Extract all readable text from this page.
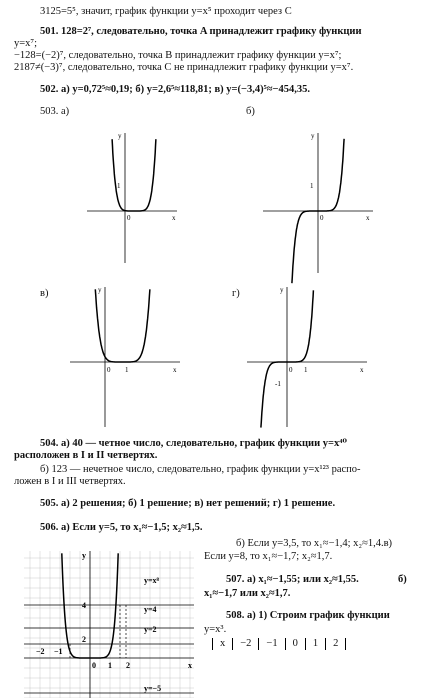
3125=5⁵, значит, график функции y=x⁵ проходит через C
501. 128=2⁷, следовательно, точка A принадлежит графику функции
y=x⁷;
−128=(−2)⁷, следовательно, точка B принадлежит графику функции y=x⁷;
2187≠(−3)⁷, следовательно, точка C не принадлежит графику функции y=x⁷.
502. а) y=0,72⁵≈0,19; б) y=2,6⁵≈118,81; в) y=(−3,4)⁵≈−454,35.
503. а)	б)
y
x
0
1
y
x
0
1
в)	г)
y
x
0 1
y
x
0 1
-1
504. а) 40 — четное число, следовательно, график функции y=x⁴⁰
расположен в I и II четвертях.
б) 123 — нечетное число, следовательно, график функции y=x¹²³ распо-
ложен в I и III четвертях.
505. а) 2 решения; б) 1 решение; в) нет решений; г) 1 решение.
506. а) Если y=5, то x₁≈−1,5; x₂≈1,5.
б) Если y=3,5, то x₁≈−1,4; x₂≈1,4.в)
Если y=8, то x₁≈−1,7; x₂≈1,7.
507. а) x₁≈−1,55; или x₂≈1,55.	б)
x₁≈−1,7 или x₂≈1,7.
508. а) 1) Строим график функции
y=x³.
x	−2	−1	0	1	2
y
x
0
y=x⁸
y=4
y=2
y=−5
−2 −1
1 2
4
2
